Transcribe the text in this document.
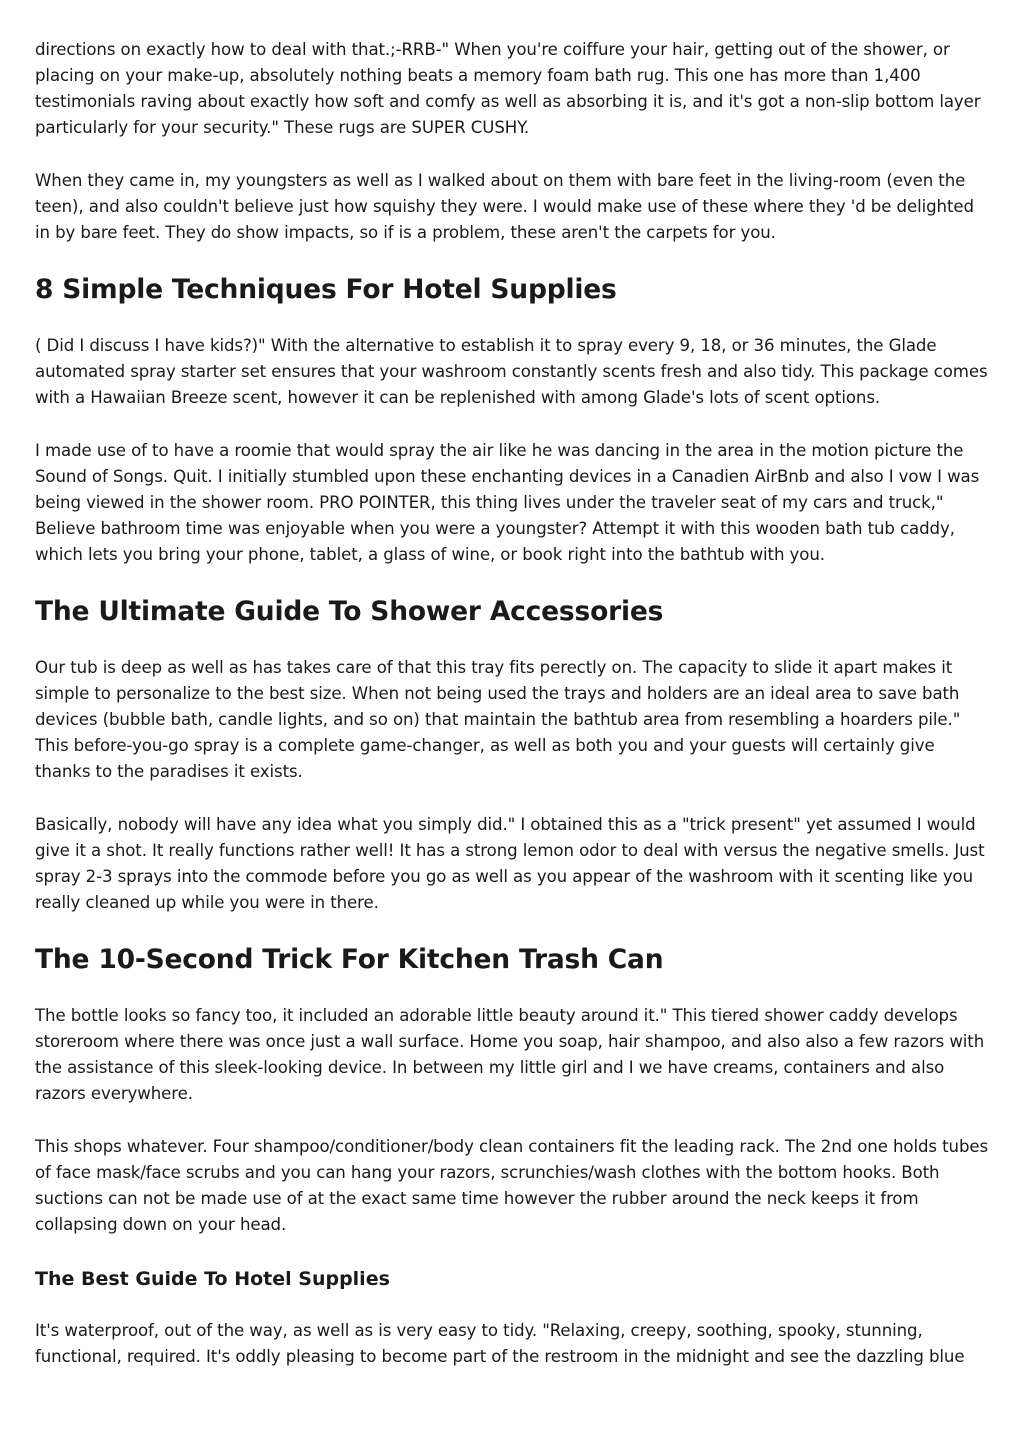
directions on exactly how to deal with that.;-RRB-" When you're coiffure your hair, getting out of the shower, or placing on your make-up, absolutely nothing beats a memory foam bath rug. This one has more than 1,400 testimonials raving about exactly how soft and comfy as well as absorbing it is, and it's got a non-slip bottom layer particularly for your security." These rugs are SUPER CUSHY.

When they came in, my youngsters as well as I walked about on them with bare feet in the living-room (even the teen), and also couldn't believe just how squishy they were. I would make use of these where they 'd be delighted in by bare feet. They do show impacts, so if is a problem, these aren't the carpets for you.

8 Simple Techniques For Hotel Supplies

( Did I discuss I have kids?)" With the alternative to establish it to spray every 9, 18, or 36 minutes, the Glade automated spray starter set ensures that your washroom constantly scents fresh and also tidy. This package comes with a Hawaiian Breeze scent, however it can be replenished with among Glade's lots of scent options.

I made use of to have a roomie that would spray the air like he was dancing in the area in the motion picture the Sound of Songs. Quit. I initially stumbled upon these enchanting devices in a Canadien AirBnb and also I vow I was being viewed in the shower room. PRO POINTER, this thing lives under the traveler seat of my cars and truck," Believe bathroom time was enjoyable when you were a youngster? Attempt it with this wooden bath tub caddy, which lets you bring your phone, tablet, a glass of wine, or book right into the bathtub with you.

The Ultimate Guide To Shower Accessories

Our tub is deep as well as has takes care of that this tray fits perectly on. The capacity to slide it apart makes it simple to personalize to the best size. When not being used the trays and holders are an ideal area to save bath devices (bubble bath, candle lights, and so on) that maintain the bathtub area from resembling a hoarders pile." This before-you-go spray is a complete game-changer, as well as both you and your guests will certainly give thanks to the paradises it exists.

Basically, nobody will have any idea what you simply did." I obtained this as a "trick present" yet assumed I would give it a shot. It really functions rather well! It has a strong lemon odor to deal with versus the negative smells. Just spray 2-3 sprays into the commode before you go as well as you appear of the washroom with it scenting like you really cleaned up while you were in there.

The 10-Second Trick For Kitchen Trash Can

The bottle looks so fancy too, it included an adorable little beauty around it." This tiered shower caddy develops storeroom where there was once just a wall surface. Home you soap, hair shampoo, and also also a few razors with the assistance of this sleek-looking device. In between my little girl and I we have creams, containers and also razors everywhere.

This shops whatever. Four shampoo/conditioner/body clean containers fit the leading rack. The 2nd one holds tubes of face mask/face scrubs and you can hang your razors, scrunchies/wash clothes with the bottom hooks. Both suctions can not be made use of at the exact same time however the rubber around the neck keeps it from collapsing down on your head.

The Best Guide To Hotel Supplies

It's waterproof, out of the way, as well as is very easy to tidy. "Relaxing, creepy, soothing, spooky, stunning, functional, required. It's oddly pleasing to become part of the restroom in the midnight and see the dazzling blue
